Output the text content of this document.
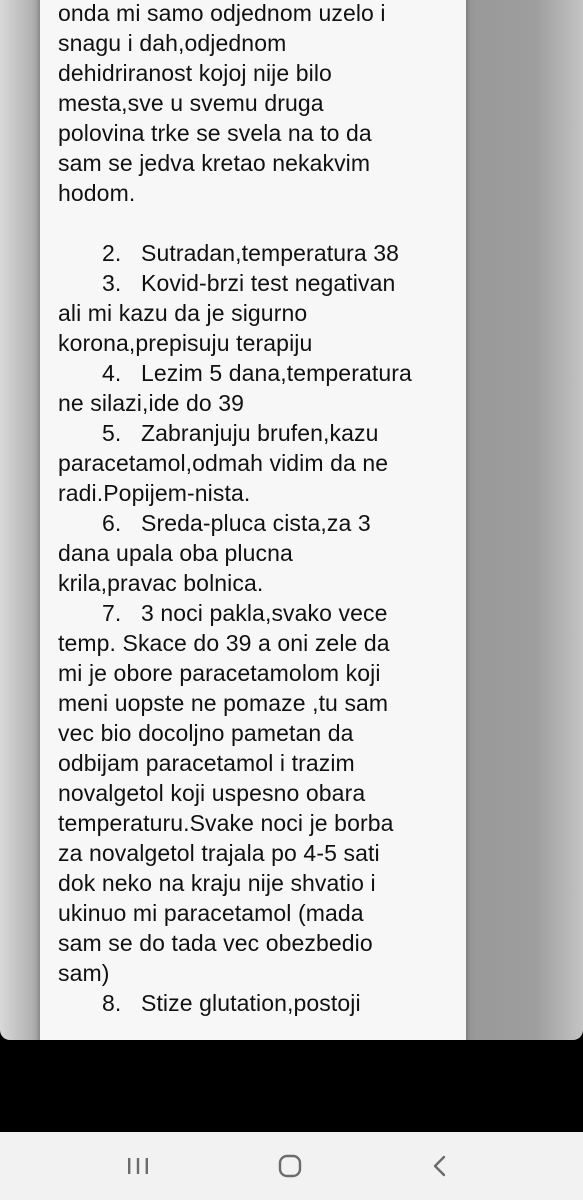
onda mi samo odjednom uzelo i
snagu i dah,odjednom
dehidriranost kojoj nije bilo
mesta,sve u svemu druga
polovina trke se svela na to da
sam se jedva kretao nekakvim
hodom.
2. Sutradan,temperatura 38
3. Kovid-brzi test negativan
ali mi kazu da je sigurno
korona,prepisuju terapiju
4. Lezim 5 dana,temperatura
ne silazi,ide do 39
5. Zabranjuju brufen,kazu
paracetamol,odmah vidim da ne
radi.Popijem-nista.
6. Sreda-pluca cista,za 3
dana upala oba plucna
krila,pravac bolnica.
7. 3 noci pakla,svako vece
temp. Skace do 39 a oni zele da
mi je obore paracetamolom koji
meni uopste ne pomaze ,tu sam
vec bio docoljno pametan da
odbijam paracetamol i trazim
novalgetol koji uspesno obara
temperaturu.Svake noci je borba
za novalgetol trajala po 4-5 sati
dok neko na kraju nije shvatio i
ukinuo mi paracetamol (mada
sam se do tada vec obezbedio
sam)
8. Stize glutation,postoji
